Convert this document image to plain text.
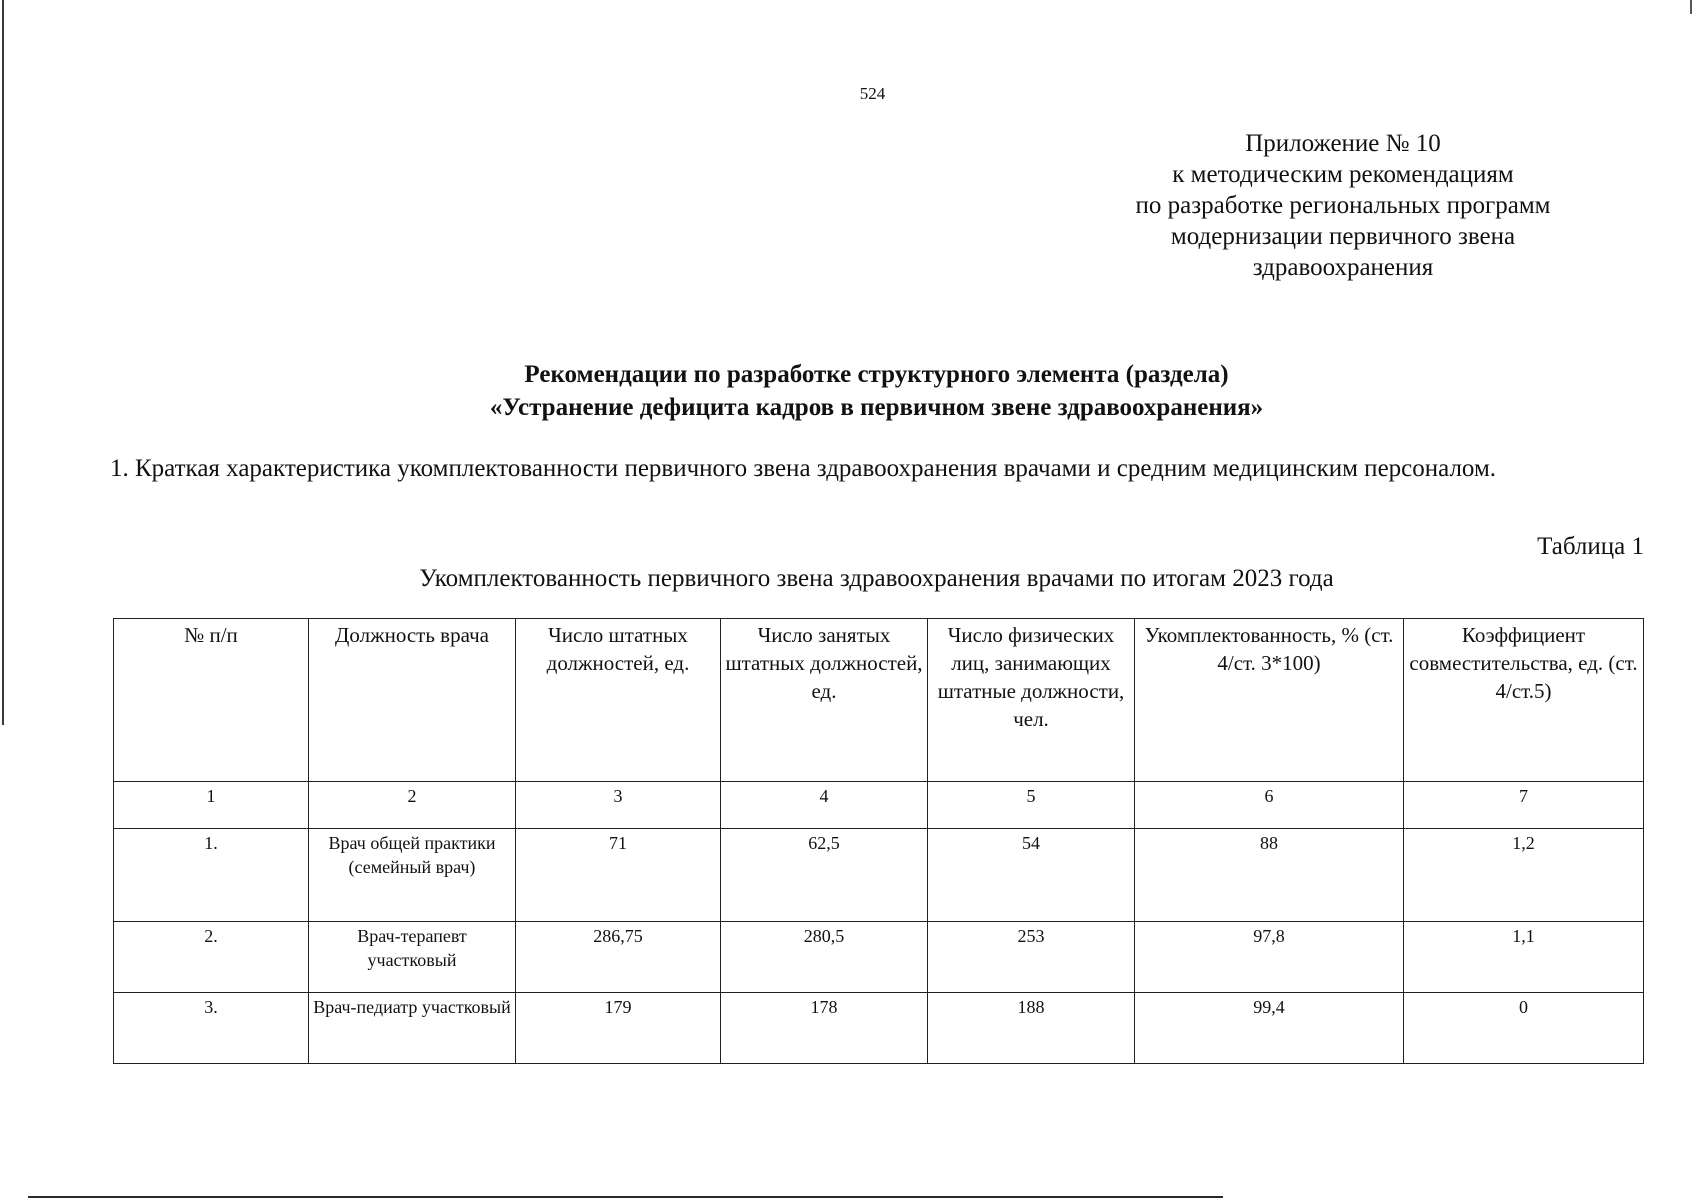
524
Приложение № 10
к методическим рекомендациям
по разработке региональных программ
модернизации первичного звена
здравоохранения
Рекомендации по разработке структурного элемента (раздела)
«Устранение дефицита кадров в первичном звене здравоохранения»
1. Краткая характеристика укомплектованности первичного звена здравоохранения врачами и средним медицинским персоналом.
Таблица 1
Укомплектованность первичного звена здравоохранения врачами по итогам 2023 года
№ п/п	Должность врача	Число штатных должностей, ед.	Число занятых штатных должностей, ед.	Число физических лиц, занимающих штатные должности, чел.	Укомплектованность, % (ст. 4/ст. 3*100)	Коэффициент совместительства, ед. (ст. 4/ст.5)
1	2	3	4	5	6	7
1.	Врач общей практики (семейный врач)	71	62,5	54	88	1,2
2.	Врач-терапевт участковый	286,75	280,5	253	97,8	1,1
3.	Врач-педиатр участковый	179	178	188	99,4	0
